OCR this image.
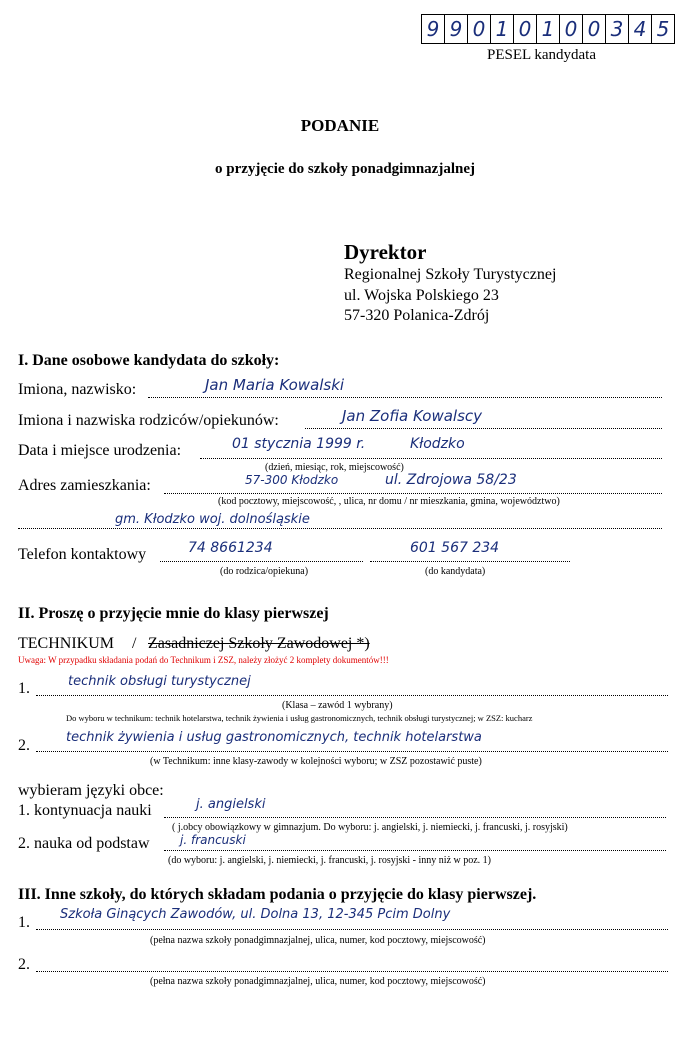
9 9 0 1 0 1 0 0 3 4 5
PESEL kandydata
PODANIE
o przyjęcie do szkoły ponadgimnazjalnej
Dyrektor
Regionalnej Szkoły Turystycznej
ul. Wojska Polskiego 23
57-320 Polanica-Zdrój
I. Dane osobowe kandydata do szkoły:
Imiona, nazwisko:	Jan Maria Kowalski
Imiona i nazwiska rodziców/opiekunów:	Jan Zofia Kowalscy
Data i miejsce urodzenia:	01 stycznia 1999 r.	Kłodzko
(dzień, miesiąc, rok, miejscowość)
Adres zamieszkania:	57-300 Kłodzko	ul. Zdrojowa 58/23
(kod pocztowy, miejscowość, , ulica, nr domu / nr mieszkania, gmina, województwo)
gm. Kłodzko woj. dolnośląskie
Telefon kontaktowy	74 8661234	601 567 234
(do rodzica/opiekuna)	(do kandydata)
II. Proszę o przyjęcie mnie do klasy pierwszej
TECHNIKUM / Zasadniczej Szkoły Zawodowej *)
Uwaga: W przypadku składania podań do Technikum i ZSZ, należy złożyć 2 komplety dokumentów!!!
1.	technik obsługi turystycznej
(Klasa – zawód 1 wybrany)
Do wyboru w technikum: technik hotelarstwa, technik żywienia i usług gastronomicznych, technik obsługi turystycznej; w ZSZ: kucharz
2.	technik żywienia i usług gastronomicznych, technik hotelarstwa
(w Technikum: inne klasy-zawody w kolejności wyboru; w ZSZ pozostawić puste)
wybieram języki obce:
1. kontynuacja nauki	j. angielski
( j.obcy obowiązkowy w gimnazjum. Do wyboru: j. angielski, j. niemiecki, j. francuski, j. rosyjski)
2. nauka od podstaw	j. francuski
(do wyboru: j. angielski, j. niemiecki, j. francuski, j. rosyjski - inny niż w poz. 1)
III. Inne szkoły, do których składam podania o przyjęcie do klasy pierwszej.
1. Szkoła Ginących Zawodów, ul. Dolna 13, 12-345 Pcim Dolny
(pełna nazwa szkoły ponadgimnazjalnej, ulica, numer, kod pocztowy, miejscowość)
2.
(pełna nazwa szkoły ponadgimnazjalnej, ulica, numer, kod pocztowy, miejscowość)
